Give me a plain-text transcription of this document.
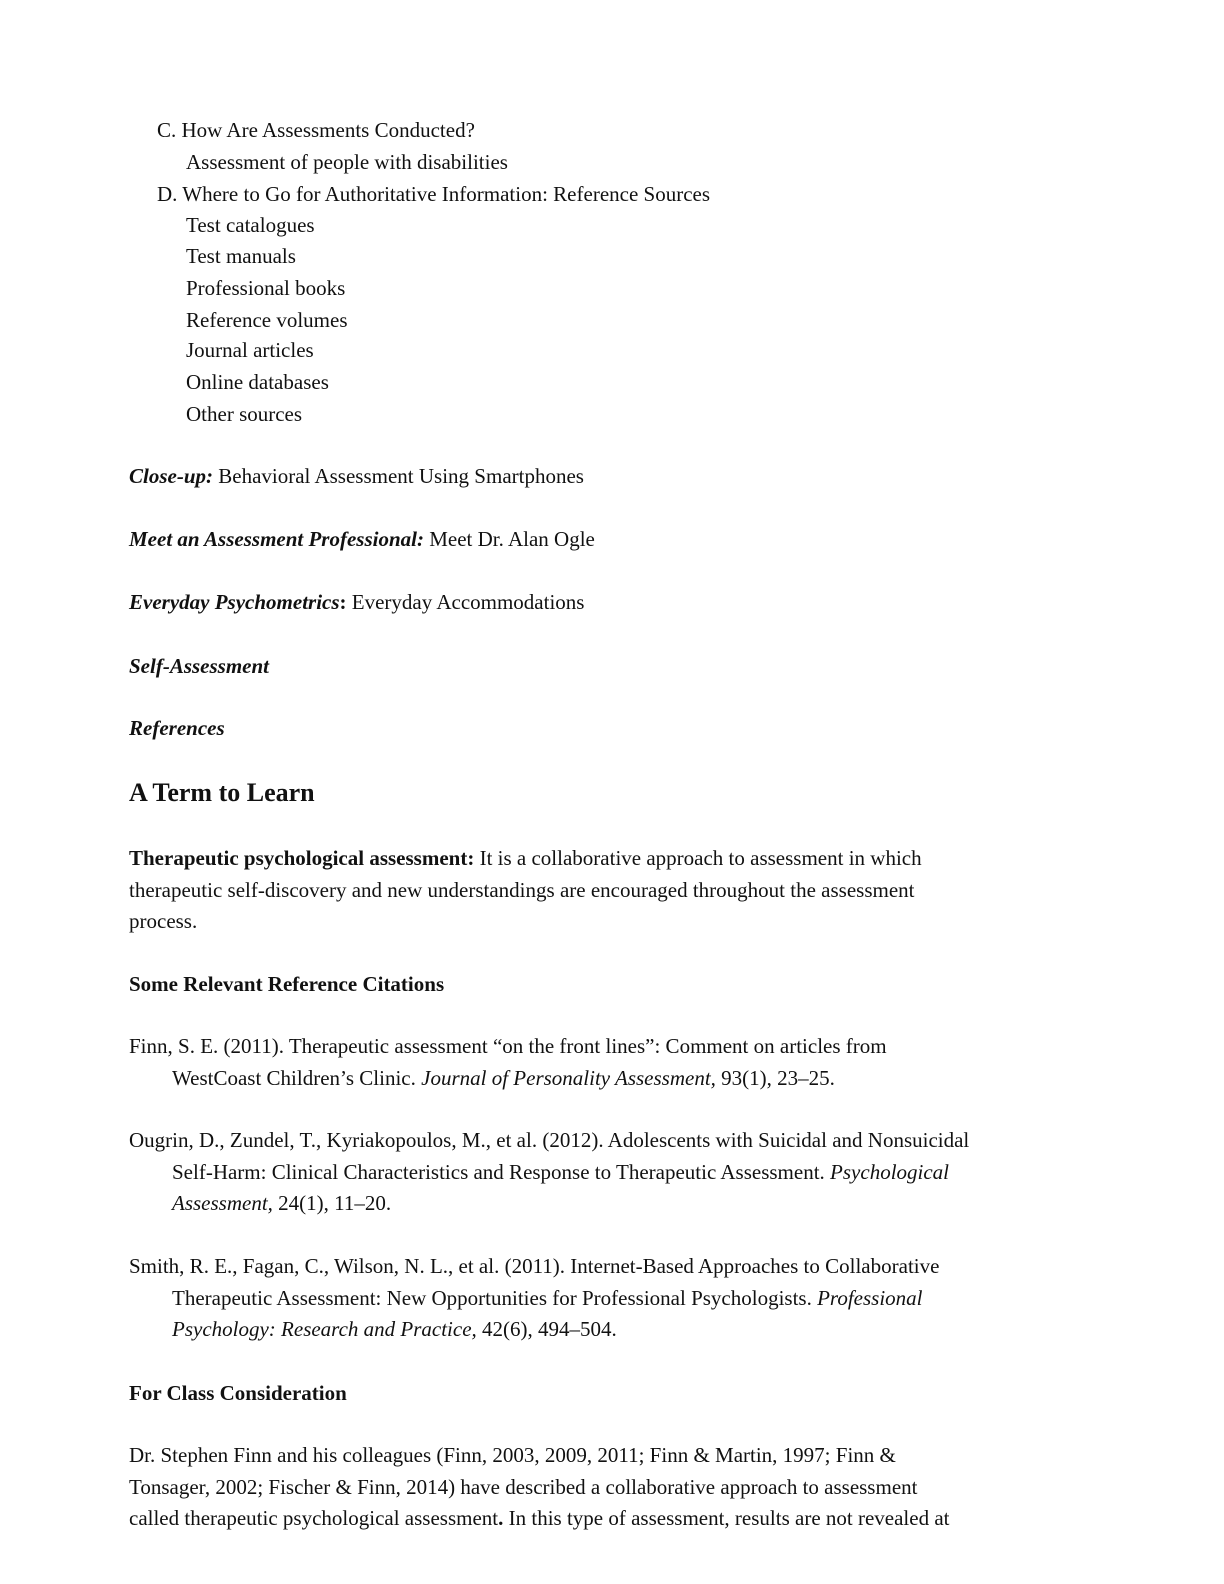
C. How Are Assessments Conducted?
Assessment of people with disabilities
D. Where to Go for Authoritative Information: Reference Sources
Test catalogues
Test manuals
Professional books
Reference volumes
Journal articles
Online databases
Other sources
Close-up: Behavioral Assessment Using Smartphones
Meet an Assessment Professional: Meet Dr. Alan Ogle
Everyday Psychometrics: Everyday Accommodations
Self-Assessment
References
A Term to Learn
Therapeutic psychological assessment: It is a collaborative approach to assessment in which
therapeutic self-discovery and new understandings are encouraged throughout the assessment
process.
Some Relevant Reference Citations
Finn, S. E. (2011). Therapeutic assessment “on the front lines”: Comment on articles from
WestCoast Children’s Clinic. Journal of Personality Assessment, 93(1), 23–25.
Ougrin, D., Zundel, T., Kyriakopoulos, M., et al. (2012). Adolescents with Suicidal and Nonsuicidal
Self-Harm: Clinical Characteristics and Response to Therapeutic Assessment. Psychological
Assessment, 24(1), 11–20.
Smith, R. E., Fagan, C., Wilson, N. L., et al. (2011). Internet-Based Approaches to Collaborative
Therapeutic Assessment: New Opportunities for Professional Psychologists. Professional
Psychology: Research and Practice, 42(6), 494–504.
For Class Consideration
Dr. Stephen Finn and his colleagues (Finn, 2003, 2009, 2011; Finn & Martin, 1997; Finn &
Tonsager, 2002; Fischer & Finn, 2014) have described a collaborative approach to assessment
called therapeutic psychological assessment. In this type of assessment, results are not revealed at
